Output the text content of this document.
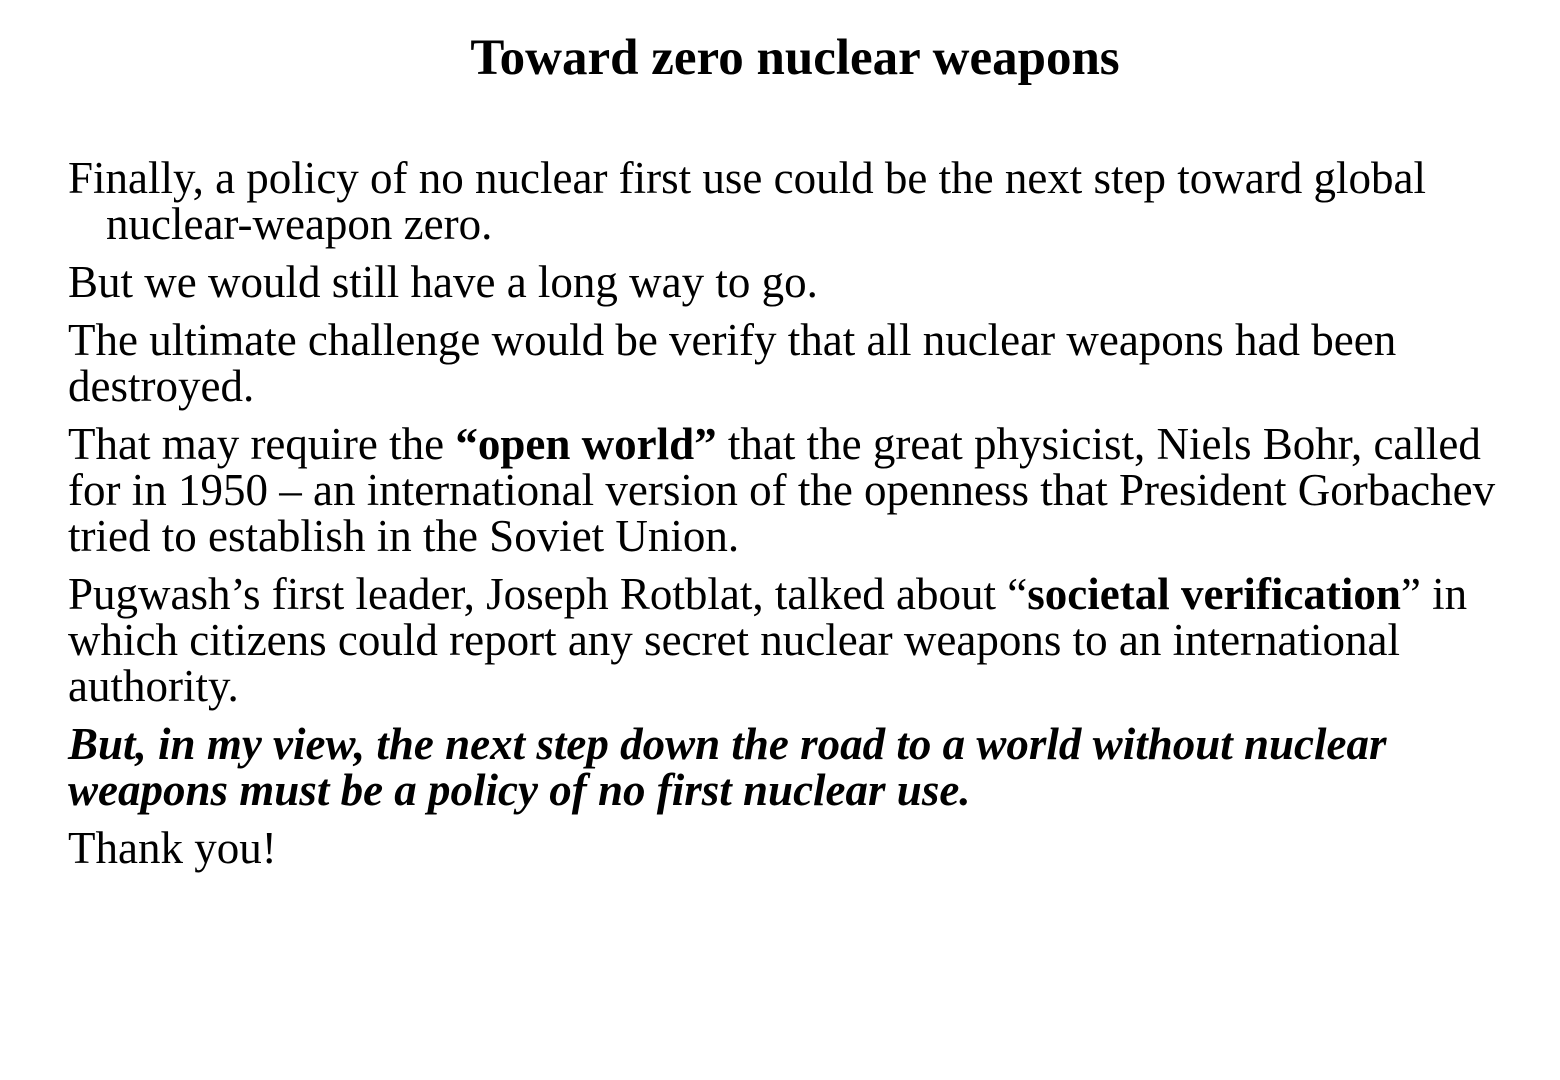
Toward zero nuclear weapons

Finally, a policy of no nuclear first use could be the next step toward global nuclear-weapon zero.

But we would still have a long way to go.

The ultimate challenge would be verify that all nuclear weapons had been destroyed.

That may require the “open world” that the great physicist, Niels Bohr, called for in 1950 – an international version of the openness that President Gorbachev tried to establish in the Soviet Union.

Pugwash’s first leader, Joseph Rotblat, talked about “societal verification” in which citizens could report any secret nuclear weapons to an international authority.

But, in my view, the next step down the road to a world without nuclear weapons must be a policy of no first nuclear use.

Thank you!
